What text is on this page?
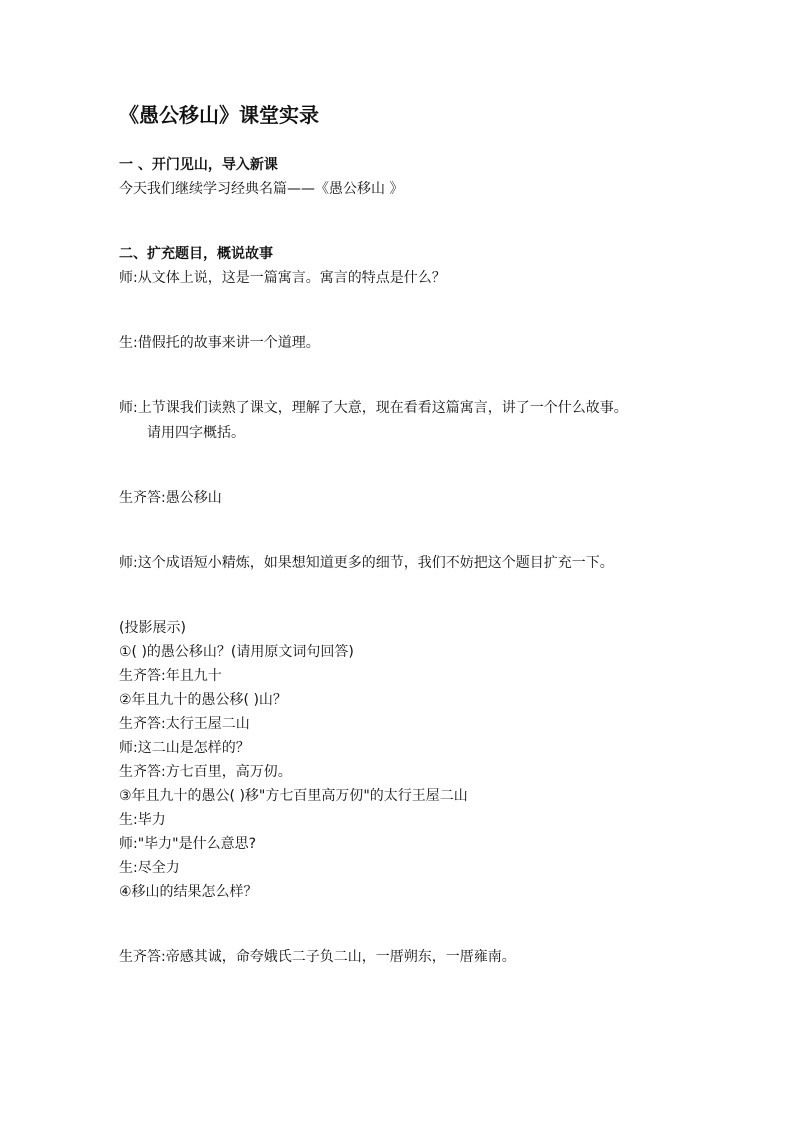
《愚公移山》课堂实录
一 、开门见山，导入新课
今天我们继续学习经典名篇——《愚公移山 》
二、扩充题目，概说故事
师:从文体上说，这是一篇寓言。寓言的特点是什么？
生:借假托的故事来讲一个道理。
师:上节课我们读熟了课文，理解了大意，现在看看这篇寓言，讲了一个什么故事。
请用四字概括。
生齐答:愚公移山
师:这个成语短小精炼，如果想知道更多的细节，我们不妨把这个题目扩充一下。
(投影展示)
①( )的愚公移山？(请用原文词句回答)
生齐答:年且九十
②年且九十的愚公移( )山？
生齐答:太行王屋二山
师:这二山是怎样的？
生齐答:方七百里，高万仞。
③年且九十的愚公( )移"方七百里高万仞"的太行王屋二山
生:毕力
师:"毕力"是什么意思?
生:尽全力
④移山的结果怎么样？
生齐答:帝感其诚，命夸娥氏二子负二山，一厝朔东，一厝雍南。
